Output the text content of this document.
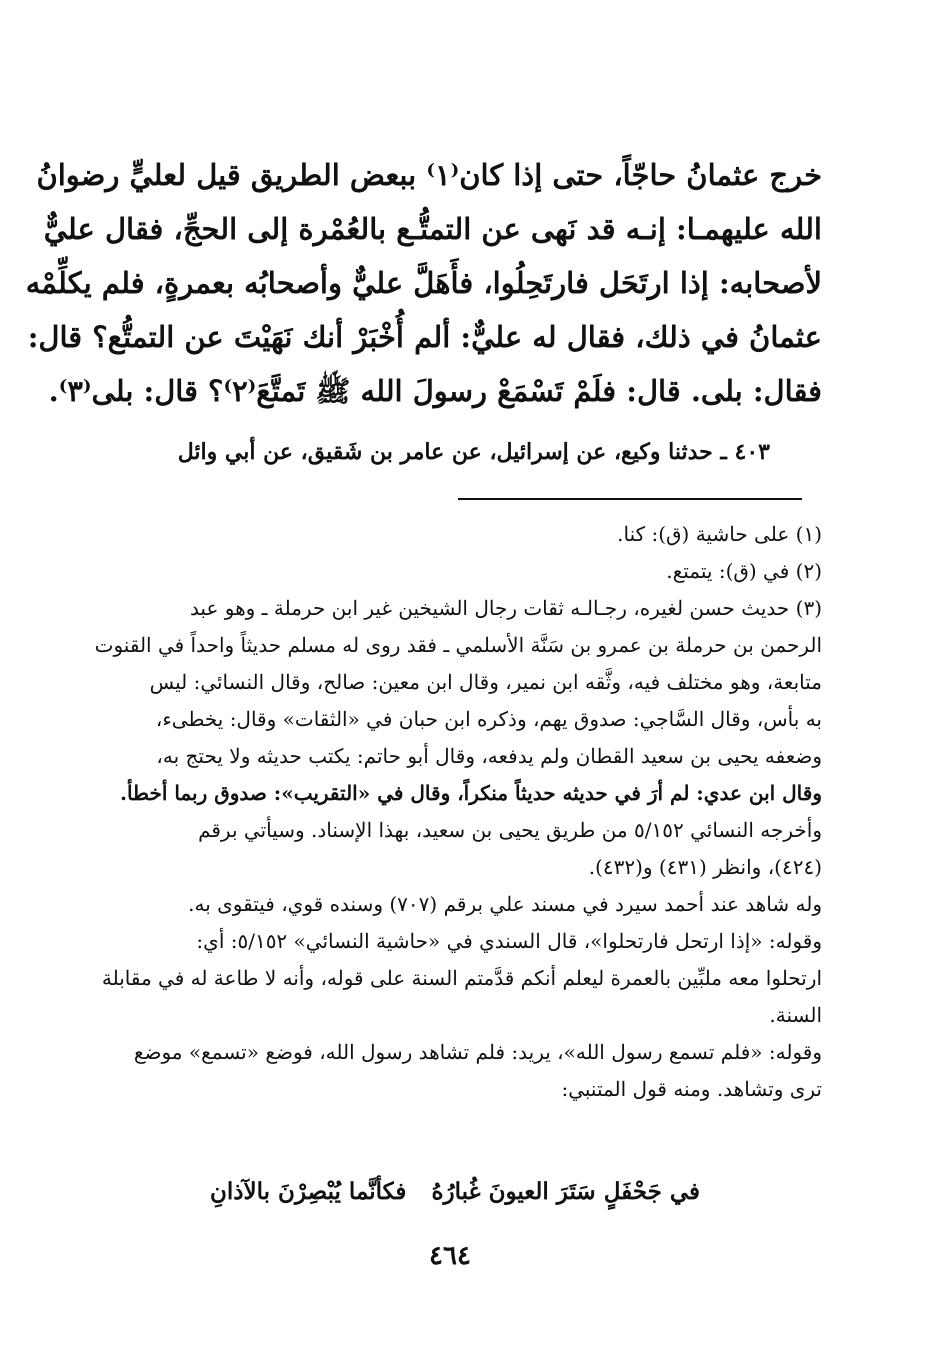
خرج عثمانُ حاجّاً، حتى إذا كان⁽١⁾ ببعض الطريق قيل لعليٍّ رضوانُ
الله عليهمـا: إنـه قد نَهى عن التمتُّـع بالعُمْرة إلى الحجِّ، فقال عليٌّ
لأصحابه: إذا ارتَحَل فارتَحِلُوا، فأَهَلَّ عليٌّ وأصحابُه بعمرةٍ، فلم يكلِّمْه
عثمانُ في ذلك، فقال له عليٌّ: ألم أُخْبَرْ أنك نَهَيْتَ عن التمتُّع؟ قال:
فقال: بلى. قال: فلَمْ تَسْمَعْ رسولَ الله ﷺ تَمتَّعَ⁽٢⁾؟ قال: بلى⁽٣⁾.
٤٠٣ ـ حدثنا وكيع، عن إسرائيل، عن عامر بن شَقيق، عن أبي وائل
(١) على حاشية (ق): كنا.
(٢) في (ق): يتمتع.
(٣) حديث حسن لغيره، رجـالـه ثقات رجال الشيخين غير ابن حرملة ـ وهو عبد
الرحمن بن حرملة بن عمرو بن سَنَّة الأسلمي ـ فقد روى له مسلم حديثاً واحداً في القنوت
متابعة، وهو مختلف فيه، وثَّقه ابن نمير، وقال ابن معين: صالح، وقال النسائي: ليس
به بأس، وقال السَّاجي: صدوق يهم، وذكره ابن حبان في «الثقات» وقال: يخطىء،
وضعفه يحيى بن سعيد القطان ولم يدفعه، وقال أبو حاتم: يكتب حديثه ولا يحتج به،
وقال ابن عدي: لم أرَ في حديثه حديثاً منكراً، وقال في «التقريب»: صدوق ربما أخطأ.
وأخرجه النسائي ٥/١٥٢ من طريق يحيى بن سعيد، بهذا الإسناد. وسيأتي برقم
(٤٢٤)، وانظر (٤٣١) و(٤٣٢).
وله شاهد عند أحمد سيرد في مسند علي برقم (٧٠٧) وسنده قوي، فيتقوى به.
وقوله: «إذا ارتحل فارتحلوا»، قال السندي في «حاشية النسائي» ٥/١٥٢: أي:
ارتحلوا معه ملبِّين بالعمرة ليعلم أنكم قدَّمتم السنة على قوله، وأنه لا طاعة له في مقابلة
السنة.
وقوله: «فلم تسمع رسول الله»، يريد: فلم تشاهد رسول الله، فوضع «تسمع» موضع
ترى وتشاهد. ومنه قول المتنبي:
في جَحْفَلٍ سَتَرَ العيونَ غُبارُهُ
فكأنَّما يُبْصِرْنَ بالآذانِ
٤٦٤
